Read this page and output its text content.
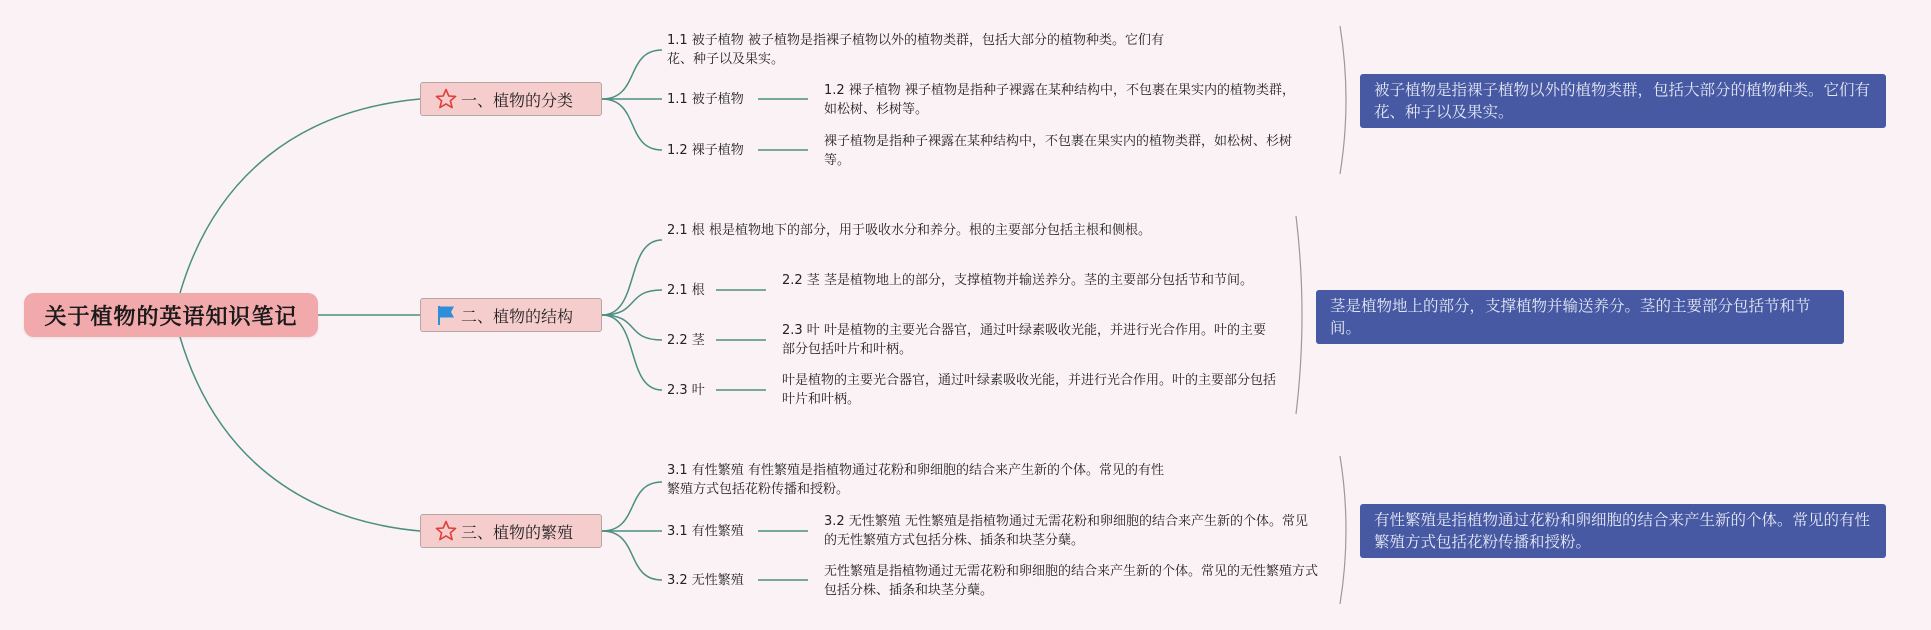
关于植物的英语知识笔记
一、植物的分类
1.1 被子植物 被子植物是指裸子植物以外的植物类群，包括大部分的植物种类。它们有花、种子以及果实。
1.1 被子植物
1.2 裸子植物
1.2 裸子植物 裸子植物是指种子裸露在某种结构中，不包裹在果实内的植物类群，如松树、杉树等。
裸子植物是指种子裸露在某种结构中，不包裹在果实内的植物类群，如松树、杉树等。
被子植物是指裸子植物以外的植物类群，包括大部分的植物种类。它们有花、种子以及果实。
二、植物的结构
2.1 根 根是植物地下的部分，用于吸收水分和养分。根的主要部分包括主根和侧根。
2.1 根
2.2 茎
2.3 叶
2.2 茎 茎是植物地上的部分，支撑植物并输送养分。茎的主要部分包括节和节间。
2.3 叶 叶是植物的主要光合器官，通过叶绿素吸收光能，并进行光合作用。叶的主要部分包括叶片和叶柄。
叶是植物的主要光合器官，通过叶绿素吸收光能，并进行光合作用。叶的主要部分包括叶片和叶柄。
茎是植物地上的部分，支撑植物并输送养分。茎的主要部分包括节和节间。
三、植物的繁殖
3.1 有性繁殖 有性繁殖是指植物通过花粉和卵细胞的结合来产生新的个体。常见的有性繁殖方式包括花粉传播和授粉。
3.1 有性繁殖
3.2 无性繁殖
3.2 无性繁殖 无性繁殖是指植物通过无需花粉和卵细胞的结合来产生新的个体。常见的无性繁殖方式包括分株、插条和块茎分蘖。
无性繁殖是指植物通过无需花粉和卵细胞的结合来产生新的个体。常见的无性繁殖方式包括分株、插条和块茎分蘖。
有性繁殖是指植物通过花粉和卵细胞的结合来产生新的个体。常见的有性繁殖方式包括花粉传播和授粉。
